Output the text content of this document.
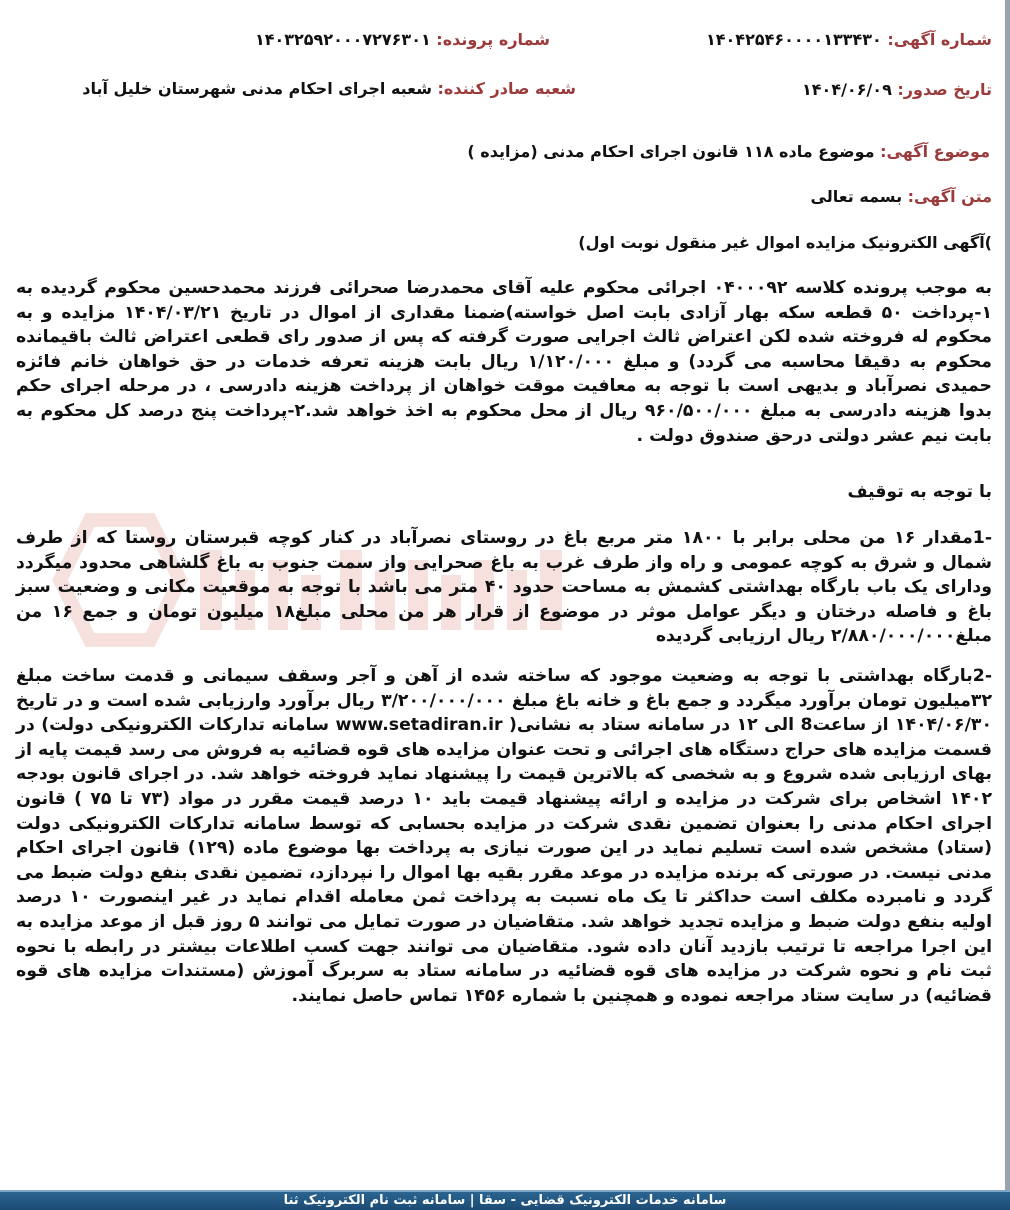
شماره آگهی: ۱۴۰۴۲۵۴۶۰۰۰۰۱۳۳۴۳۰
شماره پرونده: ۱۴۰۳۲۵۹۲۰۰۰۷۲۷۶۳۰۱
تاریخ صدور: ۱۴۰۴/۰۶/۰۹
شعبه صادر کننده: شعبه اجرای احکام مدنی شهرستان خلیل آباد
موضوع آگهی: موضوع ماده ۱۱۸ قانون اجرای احکام مدنی (مزایده )
متن آگهی: بسمه تعالی
)آگهی الکترونیک مزایده اموال غیر منقول نوبت اول)
به موجب پرونده کلاسه ۰۴۰۰۰۹۲ اجرائی محکوم علیه آقای محمدرضا صحرائی فرزند محمدحسین محکوم گردیده به ۱-پرداخت ۵۰ قطعه سکه بهار آزادی بابت اصل خواسته)ضمنا مقداری از اموال در تاریخ ۱۴۰۴/۰۳/۲۱ مزایده و به محکوم له فروخته شده لکن اعتراض ثالث اجرایی صورت گرفته که پس از صدور رای قطعی اعتراض ثالث باقیمانده محکوم به دقیقا محاسبه می گردد) و مبلغ ۱/۱۲۰/۰۰۰ ریال بابت هزینه تعرفه خدمات در حق خواهان خانم فائزه حمیدی نصرآباد و بدیهی است با توجه به معافیت موقت خواهان از پرداخت هزینه دادرسی ، در مرحله اجرای حکم بدوا هزینه دادرسی به مبلغ ۹۶۰/۵۰۰/۰۰۰ ریال از محل محکوم به اخذ خواهد شد.۲-پرداخت پنج درصد کل محکوم به بابت نیم عشر دولتی درحق صندوق دولت .
با توجه به توقیف
-1مقدار ۱۶ من محلی برابر با ۱۸۰۰ متر مربع باغ در روستای نصرآباد در کنار کوچه قبرستان روستا که از طرف شمال و شرق به کوچه عمومی و راه واز طرف غرب به باغ صحرایی واز سمت جنوب به باغ گلشاهی محدود میگردد ودارای یک باب بارگاه بهداشتی کشمش به مساحت حدود ۴۰ متر می باشد با توجه به موقعیت مکانی و وضعیت سبز باغ و فاصله درختان و دیگر عوامل موثر در موضوع از قرار هر من محلی مبلغ۱۸ میلیون تومان و جمع ۱۶ من مبلغ۲/۸۸۰/۰۰۰/۰۰۰ ریال ارزیابی گردیده
-2بارگاه بهداشتی با توجه به وضعیت موجود که ساخته شده از آهن و آجر وسقف سیمانی و قدمت ساخت مبلغ ۳۲میلیون تومان برآورد میگردد و جمع باغ و خانه باغ مبلغ ۳/۲۰۰/۰۰۰/۰۰۰ ریال برآورد وارزیابی شده است و در تاریخ ۱۴۰۴/۰۶/۳۰ از ساعت8 الی ۱۲ در سامانه ستاد به نشانی( www.setadiran.ir سامانه تدارکات الکترونیکی دولت) در قسمت مزایده های حراج دستگاه های اجرائی و تحت عنوان مزایده های قوه قضائیه به فروش می رسد قیمت پایه از بهای ارزیابی شده شروع و به شخصی که بالاترین قیمت را پیشنهاد نماید فروخته خواهد شد. در اجرای قانون بودجه ۱۴۰۲ اشخاص برای شرکت در مزایده و ارائه پیشنهاد قیمت باید ۱۰ درصد قیمت مقرر در مواد (۷۳ تا ۷۵ ) قانون اجرای احکام مدنی را بعنوان تضمین نقدی شرکت در مزایده بحسابی که توسط سامانه تدارکات الکترونیکی دولت (ستاد) مشخص شده است تسلیم نماید در این صورت نیازی به پرداخت بها موضوع ماده (۱۲۹) قانون اجرای احکام مدنی نیست. در صورتی که برنده مزایده در موعد مقرر بقیه بها اموال را نپردازد، تضمین نقدی بنفع دولت ضبط می گردد و نامبرده مکلف است حداکثر تا یک ماه نسبت به پرداخت ثمن معامله اقدام نماید در غیر اینصورت ۱۰ درصد اولیه بنفع دولت ضبط و مزایده تجدید خواهد شد. متقاضیان در صورت تمایل می توانند ۵ روز قبل از موعد مزایده به این اجرا مراجعه تا ترتیب بازدید آنان داده شود. متقاضیان می توانند جهت کسب اطلاعات بیشتر در رابطه با نحوه ثبت نام و نحوه شرکت در مزایده های قوه قضائیه در سامانه ستاد به سربرگ آموزش (مستندات مزایده های قوه قضائیه) در سایت ستاد مراجعه نموده و همچنین با شماره ۱۴۵۶ تماس حاصل نمایند.
سامانه خدمات الکترونیک قضایی - سقا | سامانه ثبت نام الکترونیک ثنا
